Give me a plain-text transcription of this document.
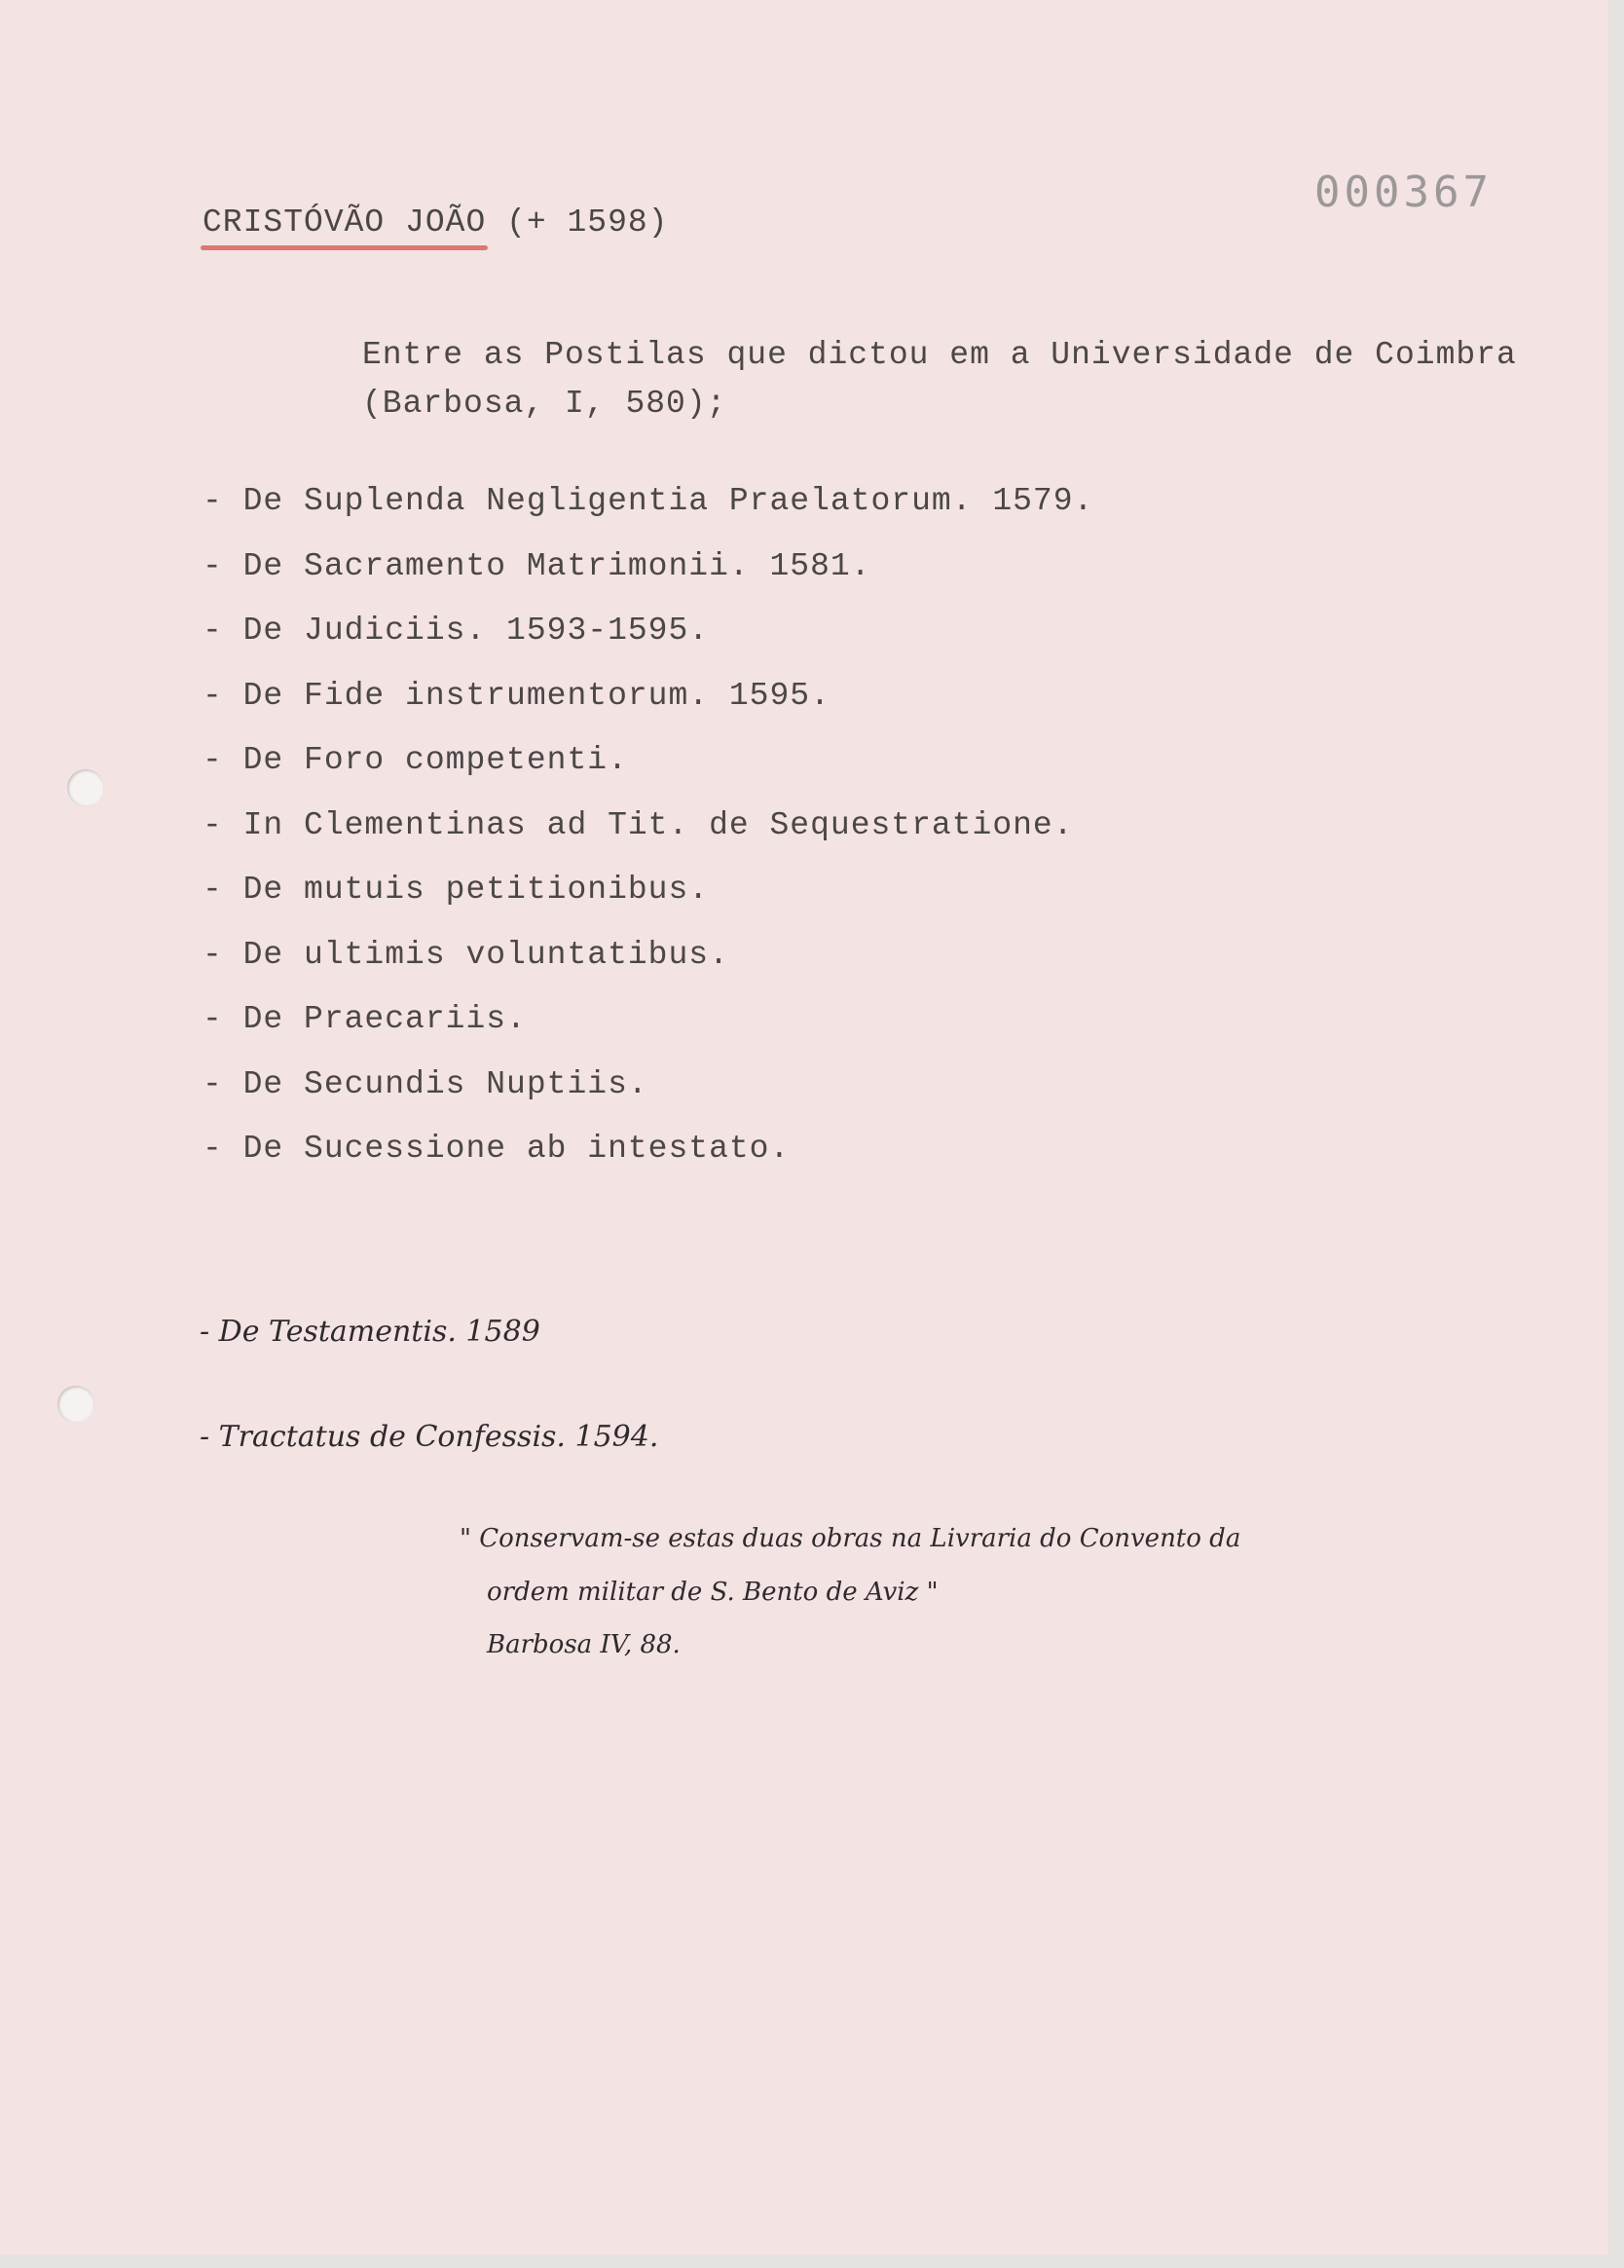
000367
CRISTÓVÃO JOÃO (+ 1598)
Entre as Postilas que dictou em a Universidade de Coimbra
(Barbosa, I, 580);
- De Suplenda Negligentia Praelatorum. 1579.
- De Sacramento Matrimonii. 1581.
- De Judiciis. 1593-1595.
- De Fide instrumentorum. 1595.
- De Foro competenti.
- In Clementinas ad Tit. de Sequestratione.
- De mutuis petitionibus.
- De ultimis voluntatibus.
- De Praecariis.
- De Secundis Nuptiis.
- De Sucessione ab intestato.
- De Testamentis. 1589
- Tractatus de Confessis. 1594.
" Conservam-se estas duas obras na Livraria do Convento da
ordem militar de S. Bento de Aviz "
Barbosa IV, 88.
